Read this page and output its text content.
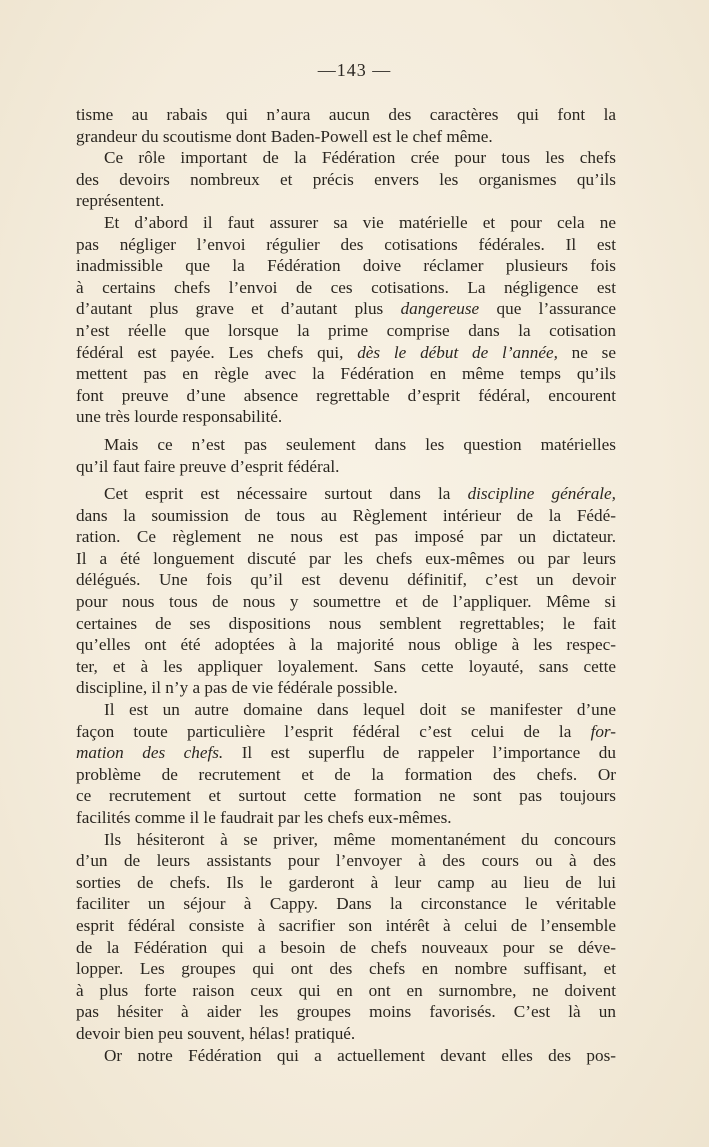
—143 —
tisme au rabais qui n’aura aucun des caractères qui font la
grandeur du scoutisme dont Baden-Powell est le chef même.
Ce rôle important de la Fédération crée pour tous les chefs
des devoirs nombreux et précis envers les organismes qu’ils
représentent.
Et d’abord il faut assurer sa vie matérielle et pour cela ne
pas négliger l’envoi régulier des cotisations fédérales. Il est
inadmissible que la Fédération doive réclamer plusieurs fois
à certains chefs l’envoi de ces cotisations. La négligence est
d’autant plus grave et d’autant plus dangereuse que l’assurance
n’est réelle que lorsque la prime comprise dans la cotisation
fédéral est payée. Les chefs qui, dès le début de l’année, ne se
mettent pas en règle avec la Fédération en même temps qu’ils
font preuve d’une absence regrettable d’esprit fédéral, encourent
une très lourde responsabilité.
Mais ce n’est pas seulement dans les question matérielles
qu’il faut faire preuve d’esprit fédéral.
Cet esprit est nécessaire surtout dans la discipline générale,
dans la soumission de tous au Règlement intérieur de la Fédé-
ration. Ce règlement ne nous est pas imposé par un dictateur.
Il a été longuement discuté par les chefs eux-mêmes ou par leurs
délégués. Une fois qu’il est devenu définitif, c’est un devoir
pour nous tous de nous y soumettre et de l’appliquer. Même si
certaines de ses dispositions nous semblent regrettables; le fait
qu’elles ont été adoptées à la majorité nous oblige à les respec-
ter, et à les appliquer loyalement. Sans cette loyauté, sans cette
discipline, il n’y a pas de vie fédérale possible.
Il est un autre domaine dans lequel doit se manifester d’une
façon toute particulière l’esprit fédéral c’est celui de la for-
mation des chefs. Il est superflu de rappeler l’importance du
problème de recrutement et de la formation des chefs. Or
ce recrutement et surtout cette formation ne sont pas toujours
facilités comme il le faudrait par les chefs eux-mêmes.
Ils hésiteront à se priver, même momentanément du concours
d’un de leurs assistants pour l’envoyer à des cours ou à des
sorties de chefs. Ils le garderont à leur camp au lieu de lui
faciliter un séjour à Cappy. Dans la circonstance le véritable
esprit fédéral consiste à sacrifier son intérêt à celui de l’ensemble
de la Fédération qui a besoin de chefs nouveaux pour se déve-
lopper. Les groupes qui ont des chefs en nombre suffisant, et
à plus forte raison ceux qui en ont en surnombre, ne doivent
pas hésiter à aider les groupes moins favorisés. C’est là un
devoir bien peu souvent, hélas! pratiqué.
Or notre Fédération qui a actuellement devant elles des pos-
